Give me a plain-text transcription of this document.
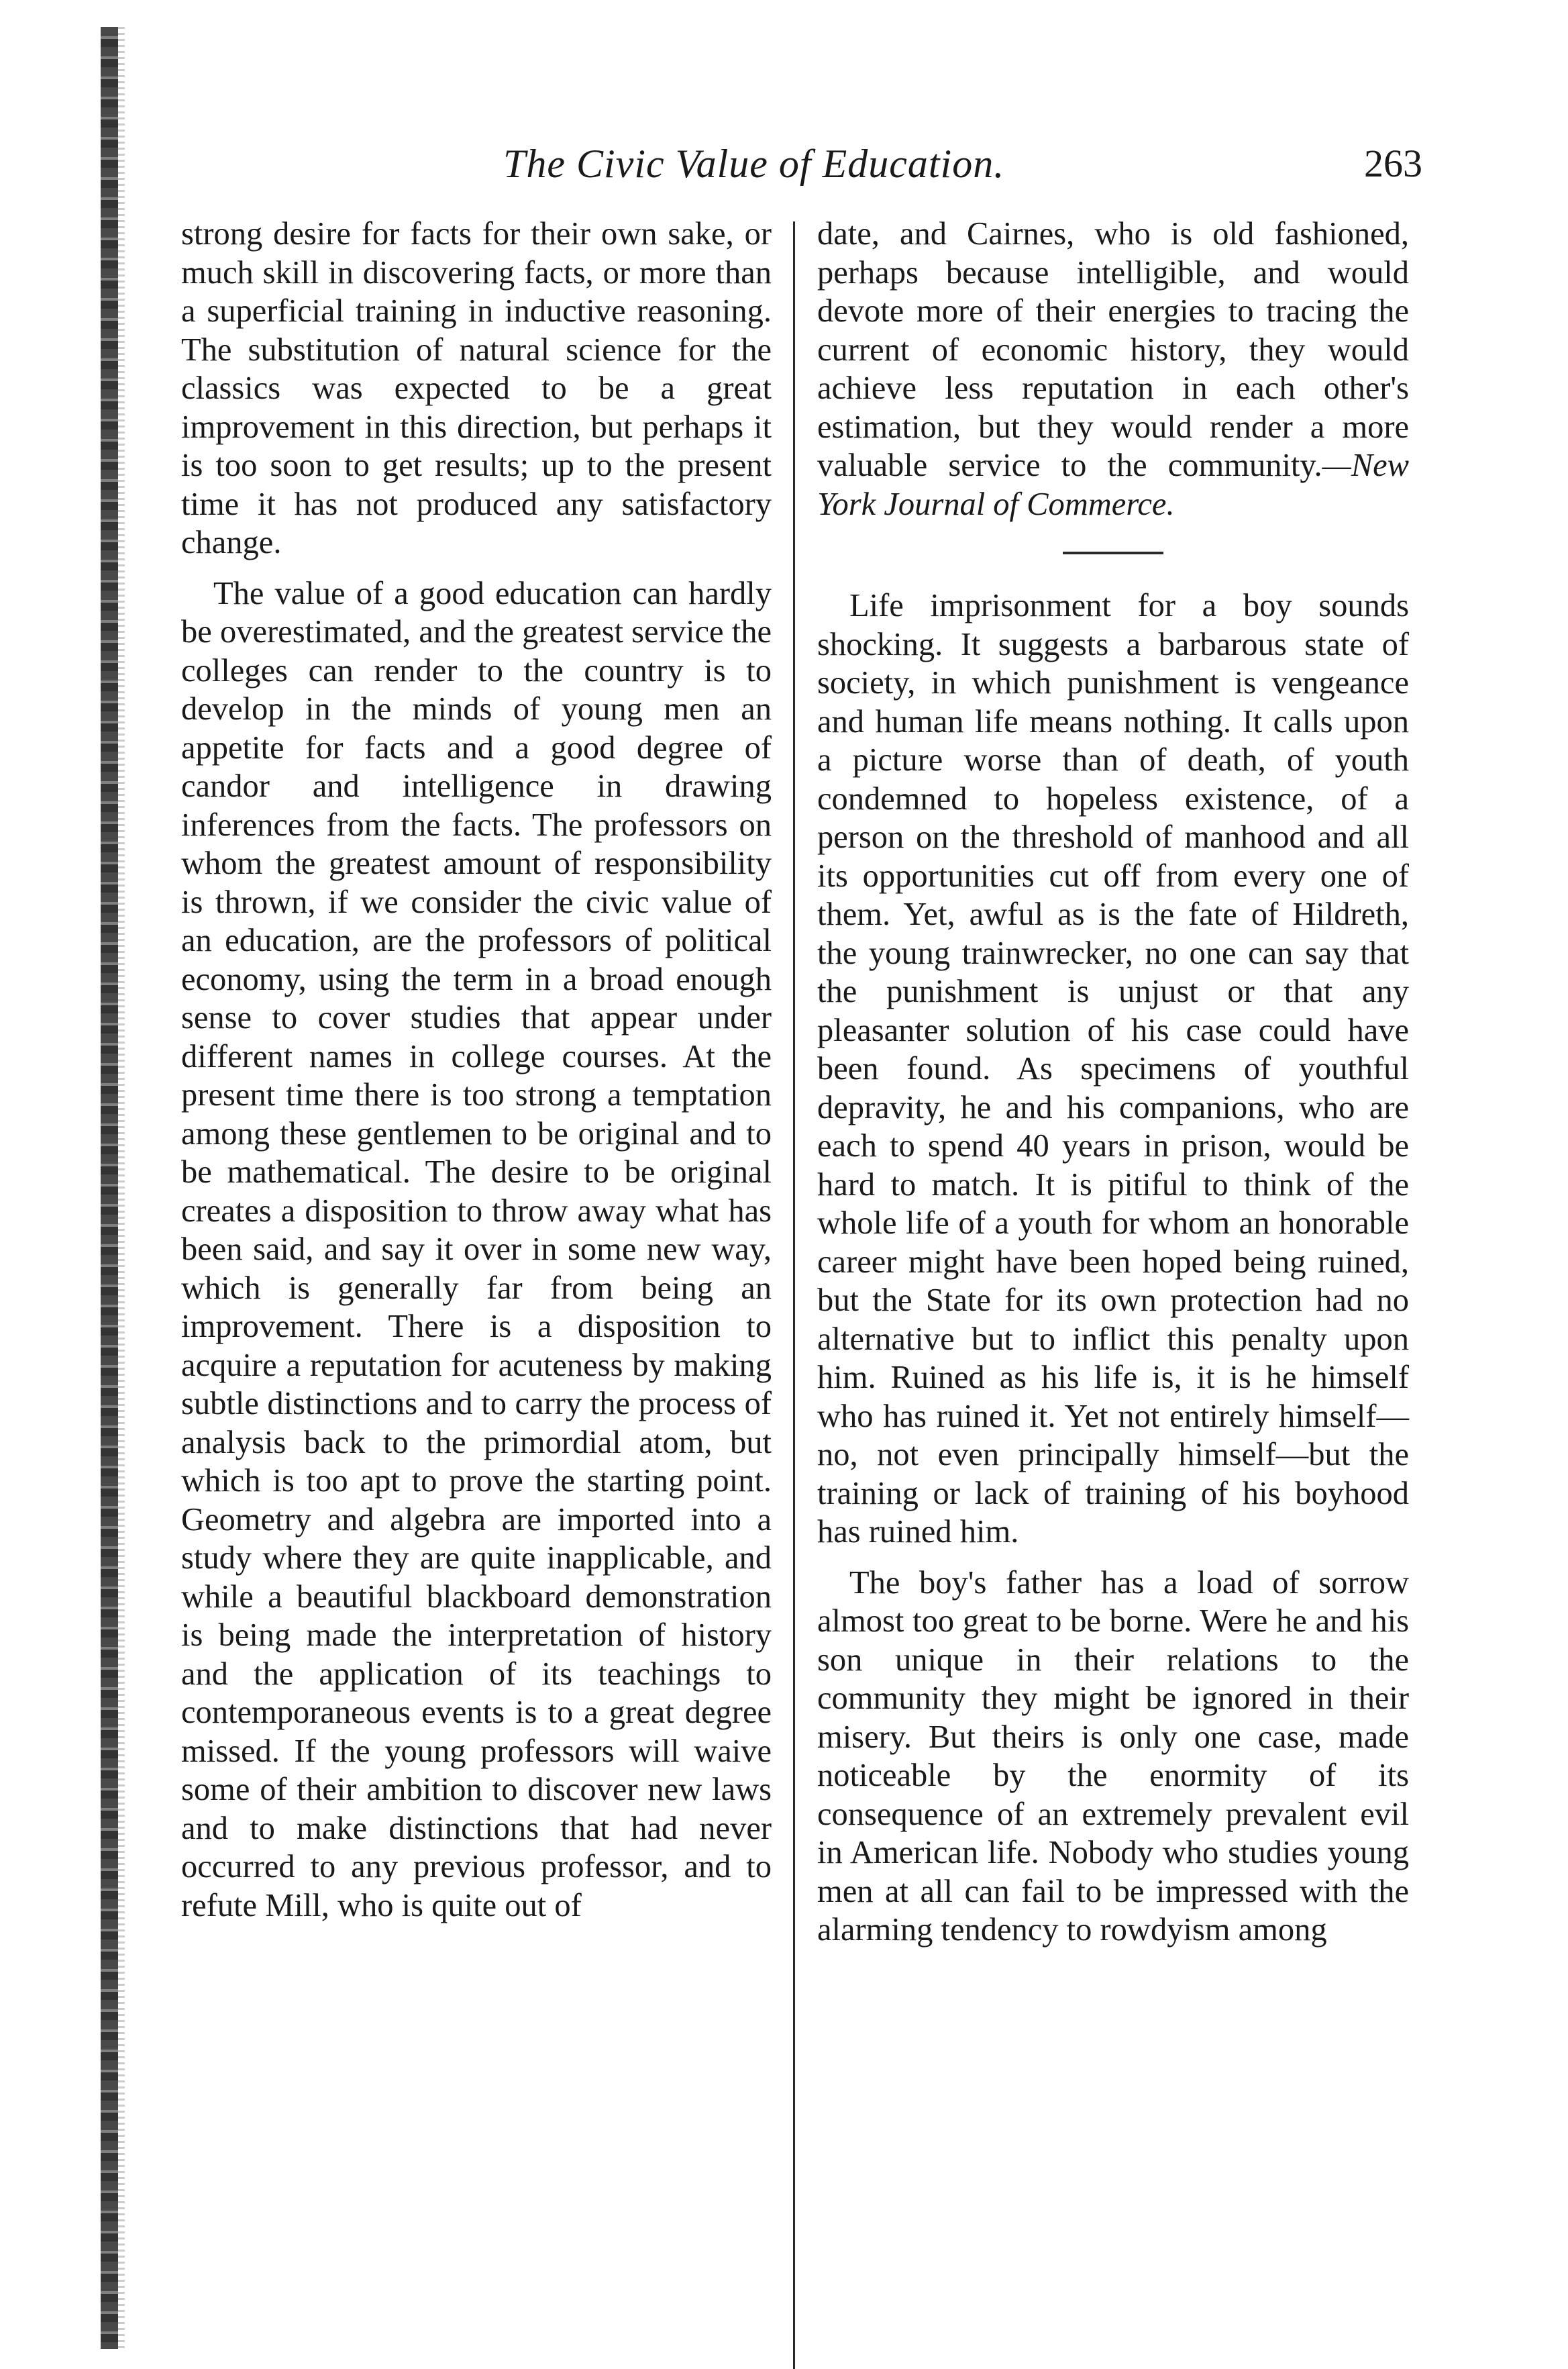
The Civic Value of Education.	263

strong desire for facts for their own sake, or much skill in discovering facts, or more than a superficial training in inductive reasoning. The substitution of natural science for the classics was expected to be a great improvement in this direction, but perhaps it is too soon to get results; up to the present time it has not produced any satisfactory change.

The value of a good education can hardly be overestimated, and the greatest service the colleges can render to the country is to develop in the minds of young men an appetite for facts and a good degree of candor and intelligence in drawing inferences from the facts. The professors on whom the greatest amount of responsibility is thrown, if we consider the civic value of an education, are the professors of political economy, using the term in a broad enough sense to cover studies that appear under different names in college courses. At the present time there is too strong a temptation among these gentlemen to be original and to be mathematical. The desire to be original creates a disposition to throw away what has been said, and say it over in some new way, which is generally far from being an improvement. There is a disposition to acquire a reputation for acuteness by making subtle distinctions and to carry the process of analysis back to the primordial atom, but which is too apt to prove the starting point. Geometry and algebra are imported into a study where they are quite inapplicable, and while a beautiful blackboard demonstration is being made the interpretation of history and the application of its teachings to contemporaneous events is to a great degree missed. If the young professors will waive some of their ambition to discover new laws and to make distinctions that had never occurred to any previous professor, and to refute Mill, who is quite out of

date, and Cairnes, who is old fashioned, perhaps because intelligible, and would devote more of their energies to tracing the current of economic history, they would achieve less reputation in each other's estimation, but they would render a more valuable service to the community.—New York Journal of Commerce.

Life imprisonment for a boy sounds shocking. It suggests a barbarous state of society, in which punishment is vengeance and human life means nothing. It calls upon a picture worse than of death, of youth condemned to hopeless existence, of a person on the threshold of manhood and all its opportunities cut off from every one of them. Yet, awful as is the fate of Hildreth, the young trainwrecker, no one can say that the punishment is unjust or that any pleasanter solution of his case could have been found. As specimens of youthful depravity, he and his companions, who are each to spend 40 years in prison, would be hard to match. It is pitiful to think of the whole life of a youth for whom an honorable career might have been hoped being ruined, but the State for its own protection had no alternative but to inflict this penalty upon him. Ruined as his life is, it is he himself who has ruined it. Yet not entirely himself—no, not even principally himself—but the training or lack of training of his boyhood has ruined him.

The boy's father has a load of sorrow almost too great to be borne. Were he and his son unique in their relations to the community they might be ignored in their misery. But theirs is only one case, made noticeable by the enormity of its consequence of an extremely prevalent evil in American life. Nobody who studies young men at all can fail to be impressed with the alarming tendency to rowdyism among
